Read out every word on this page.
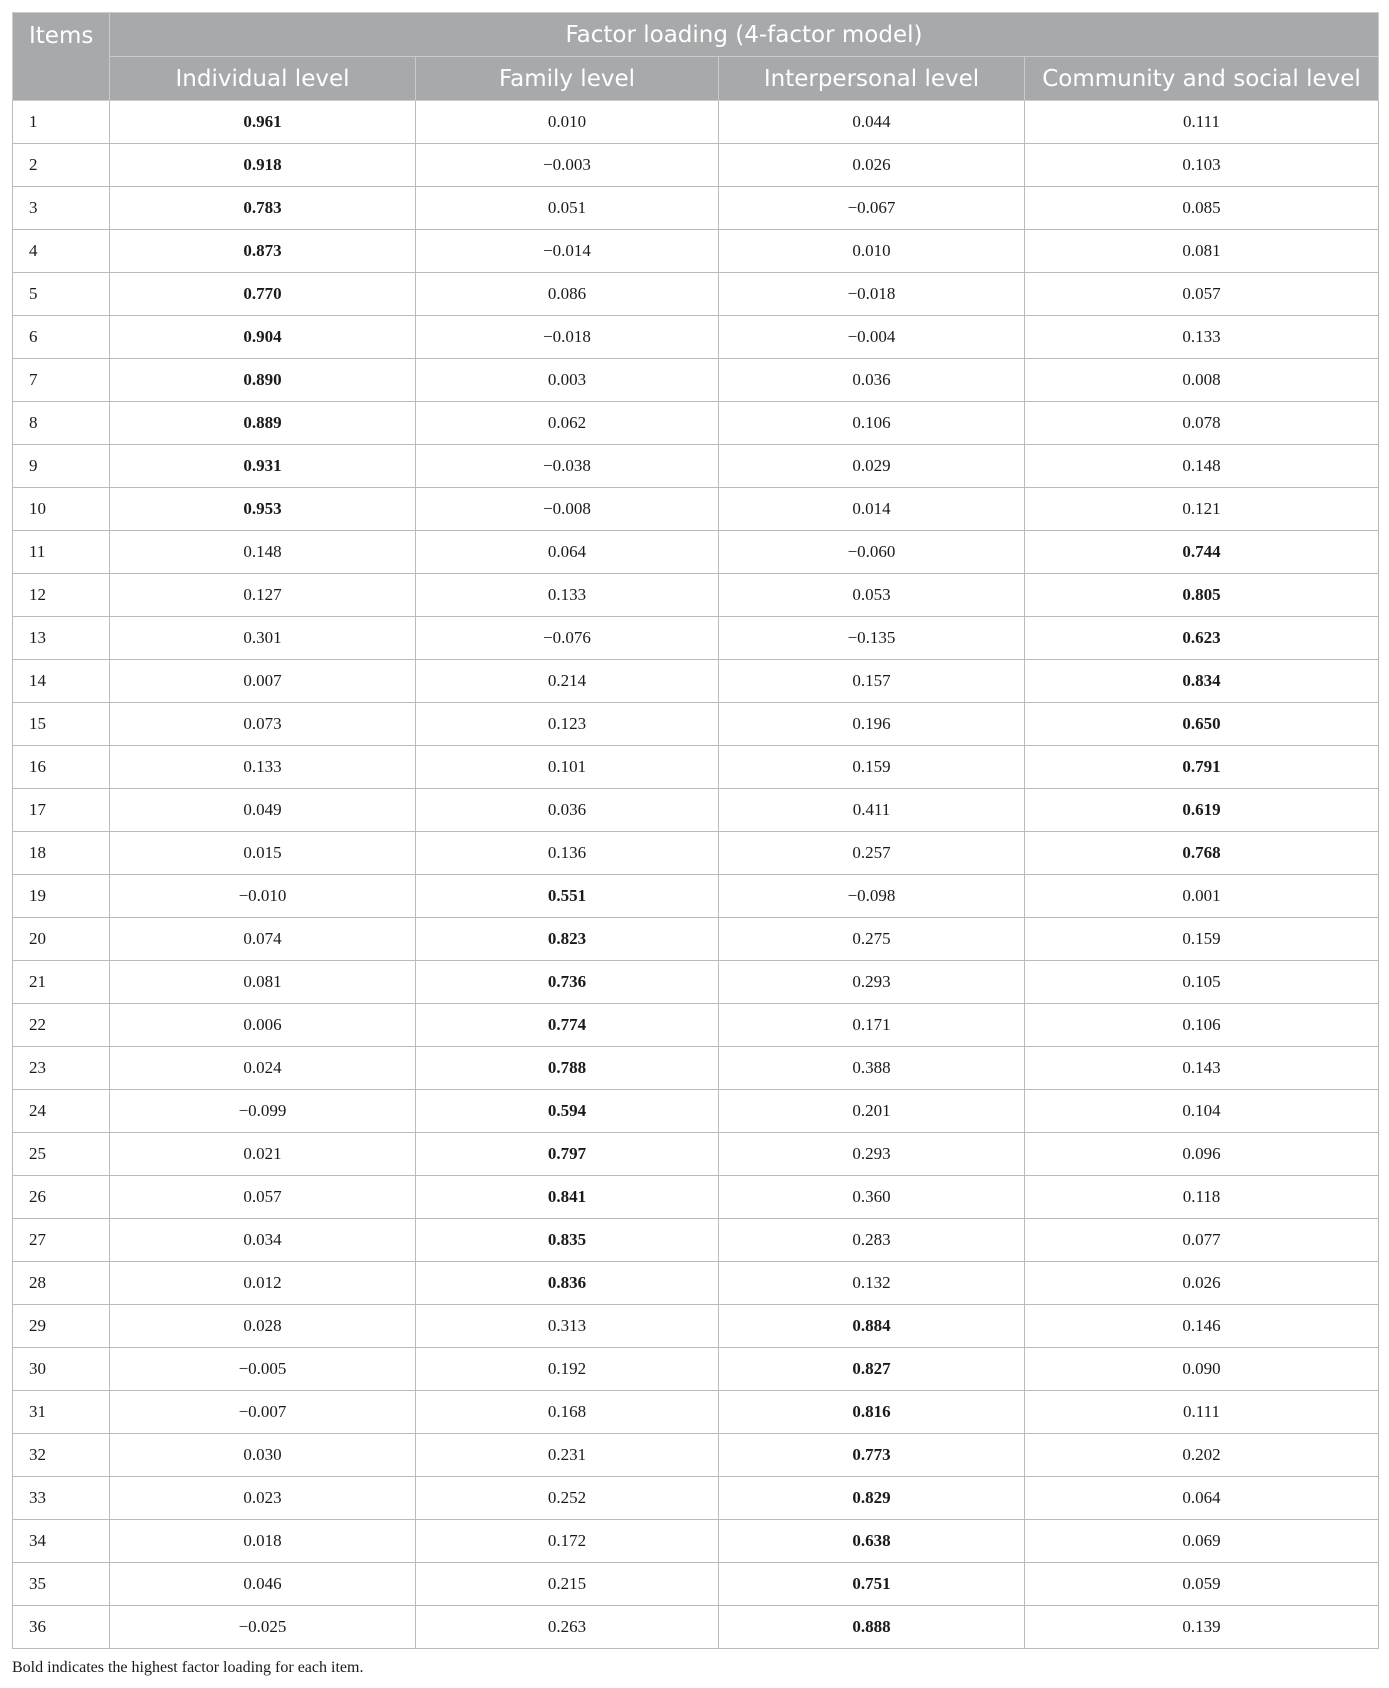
Items	Factor loading (4-factor model)			
	Individual level	Family level	Interpersonal level	Community and social level
1	0.961	0.010	0.044	0.111
2	0.918	−0.003	0.026	0.103
3	0.783	0.051	−0.067	0.085
4	0.873	−0.014	0.010	0.081
5	0.770	0.086	−0.018	0.057
6	0.904	−0.018	−0.004	0.133
7	0.890	0.003	0.036	0.008
8	0.889	0.062	0.106	0.078
9	0.931	−0.038	0.029	0.148
10	0.953	−0.008	0.014	0.121
11	0.148	0.064	−0.060	0.744
12	0.127	0.133	0.053	0.805
13	0.301	−0.076	−0.135	0.623
14	0.007	0.214	0.157	0.834
15	0.073	0.123	0.196	0.650
16	0.133	0.101	0.159	0.791
17	0.049	0.036	0.411	0.619
18	0.015	0.136	0.257	0.768
19	−0.010	0.551	−0.098	0.001
20	0.074	0.823	0.275	0.159
21	0.081	0.736	0.293	0.105
22	0.006	0.774	0.171	0.106
23	0.024	0.788	0.388	0.143
24	−0.099	0.594	0.201	0.104
25	0.021	0.797	0.293	0.096
26	0.057	0.841	0.360	0.118
27	0.034	0.835	0.283	0.077
28	0.012	0.836	0.132	0.026
29	0.028	0.313	0.884	0.146
30	−0.005	0.192	0.827	0.090
31	−0.007	0.168	0.816	0.111
32	0.030	0.231	0.773	0.202
33	0.023	0.252	0.829	0.064
34	0.018	0.172	0.638	0.069
35	0.046	0.215	0.751	0.059
36	−0.025	0.263	0.888	0.139
Bold indicates the highest factor loading for each item.
